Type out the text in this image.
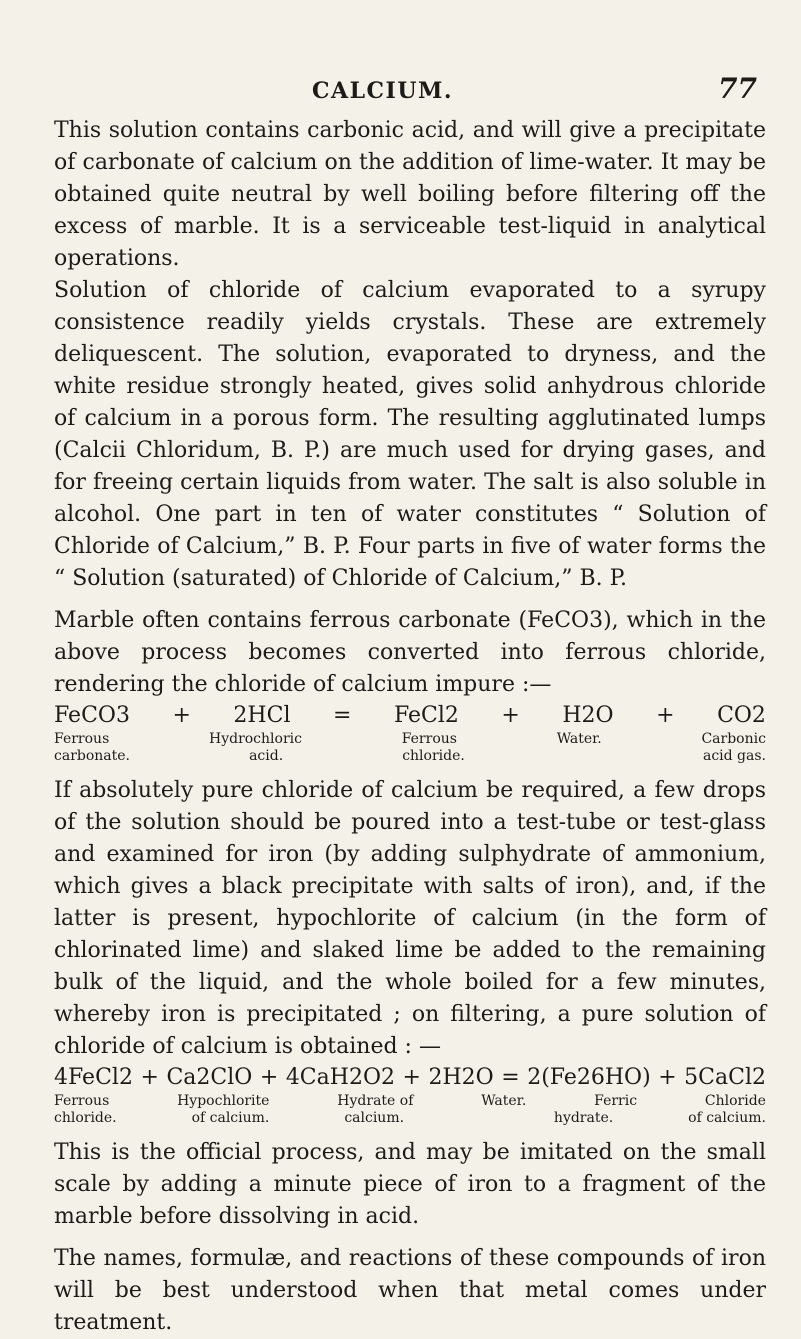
CALCIUM.	77

This solution contains carbonic acid, and will give a precipitate of carbonate of calcium on the addition of lime-water. It may be obtained quite neutral by well boiling before filtering off the excess of marble. It is a serviceable test-liquid in analytical operations.

Solution of chloride of calcium evaporated to a syrupy consistence readily yields crystals. These are extremely deliquescent. The solution, evaporated to dryness, and the white residue strongly heated, gives solid anhydrous chloride of calcium in a porous form. The resulting agglutinated lumps (Calcii Chloridum, B. P.) are much used for drying gases, and for freeing certain liquids from water. The salt is also soluble in alcohol. One part in ten of water constitutes “ Solution of Chloride of Calcium,” B. P. Four parts in five of water forms the “ Solution (saturated) of Chloride of Calcium,” B. P.

Marble often contains ferrous carbonate (FeCO3), which in the above process becomes converted into ferrous chloride, rendering the chloride of calcium impure :—

FeCO3 + 2HCl = FeCl2 + H2O + CO2
Ferrous	Hydrochloric	Ferrous	Water.	Carbonic
carbonate.	acid.	chloride.	acid gas.

If absolutely pure chloride of calcium be required, a few drops of the solution should be poured into a test-tube or test-glass and examined for iron (by adding sulphydrate of ammonium, which gives a black precipitate with salts of iron), and, if the latter is present, hypochlorite of calcium (in the form of chlorinated lime) and slaked lime be added to the remaining bulk of the liquid, and the whole boiled for a few minutes, whereby iron is precipitated ; on filtering, a pure solution of chloride of calcium is obtained : —

4FeCl2 + Ca2ClO + 4CaH2O2 + 2H2O = 2(Fe26HO) + 5CaCl2
Ferrous	Hypochlorite	Hydrate of	Water.	Ferric	Chloride
chloride.	of calcium.	calcium.	hydrate.	of calcium.

This is the official process, and may be imitated on the small scale by adding a minute piece of iron to a fragment of the marble before dissolving in acid.

The names, formulæ, and reactions of these compounds of iron will be best understood when that metal comes under treatment.
